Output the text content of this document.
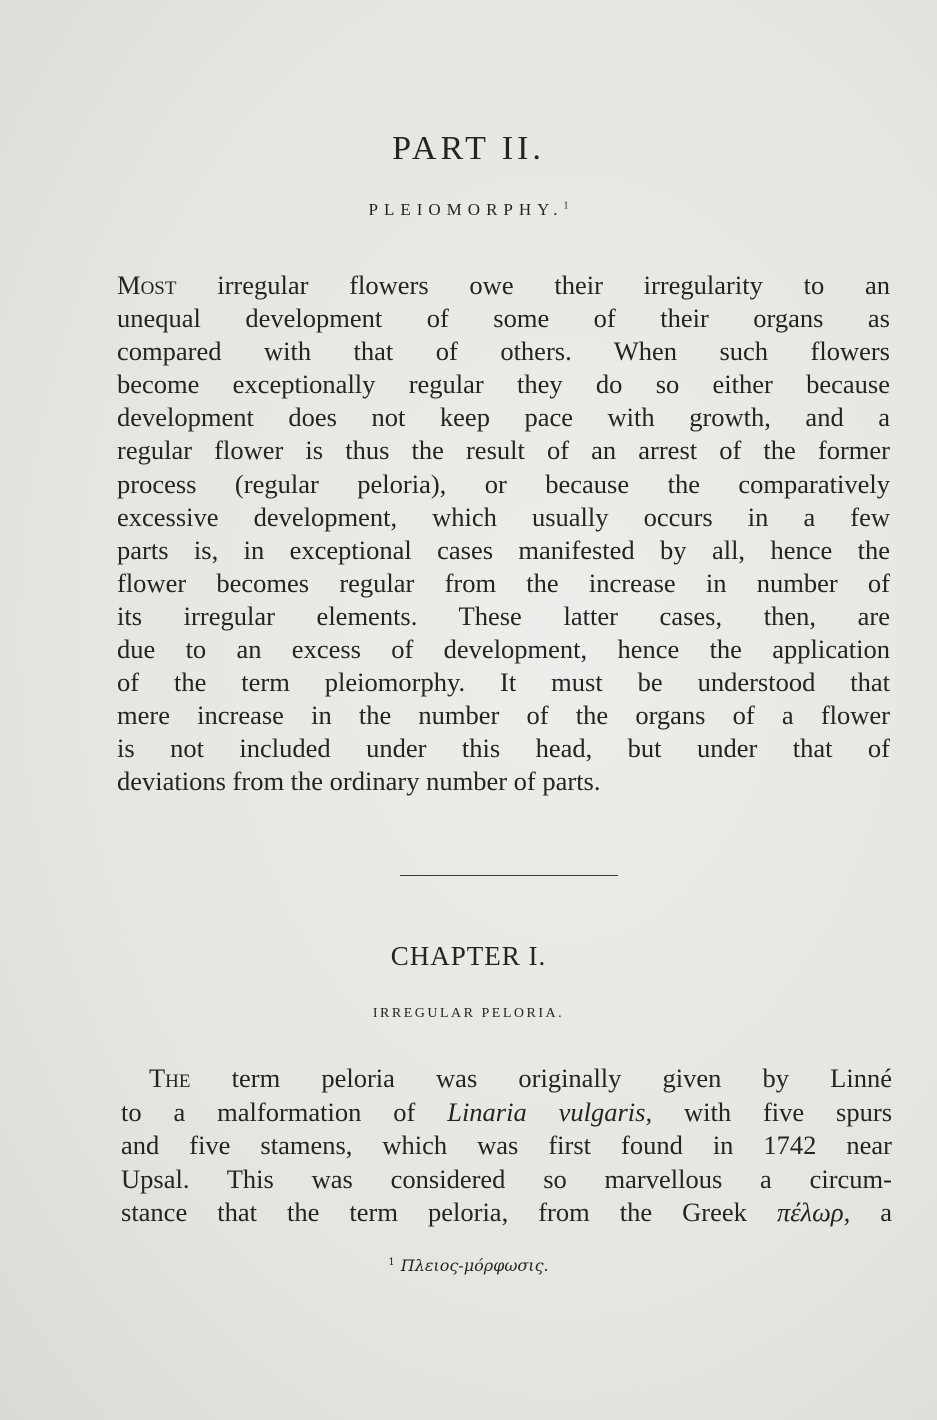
PART II.
PLEIOMORPHY.$^1$
Most irregular flowers owe their irregularity to an
unequal development of some of their organs as
compared with that of others. When such flowers
become exceptionally regular they do so either because
development does not keep pace with growth, and a
regular flower is thus the result of an arrest of the former
process (regular peloria), or because the comparatively
excessive development, which usually occurs in a few
parts is, in exceptional cases manifested by all, hence the
flower becomes regular from the increase in number of
its irregular elements. These latter cases, then, are
due to an excess of development, hence the application
of the term pleiomorphy. It must be understood that
mere increase in the number of the organs of a flower
is not included under this head, but under that of
deviations from the ordinary number of parts.
CHAPTER I.
IRREGULAR PELORIA.
The term peloria was originally given by Linné
to a malformation of Linaria vulgaris, with five spurs
and five stamens, which was first found in 1742 near
Upsal. This was considered so marvellous a circum-
stance that the term peloria, from the Greek πέλωρ, a
$^1$ Πλειος-μόρφωσις.
